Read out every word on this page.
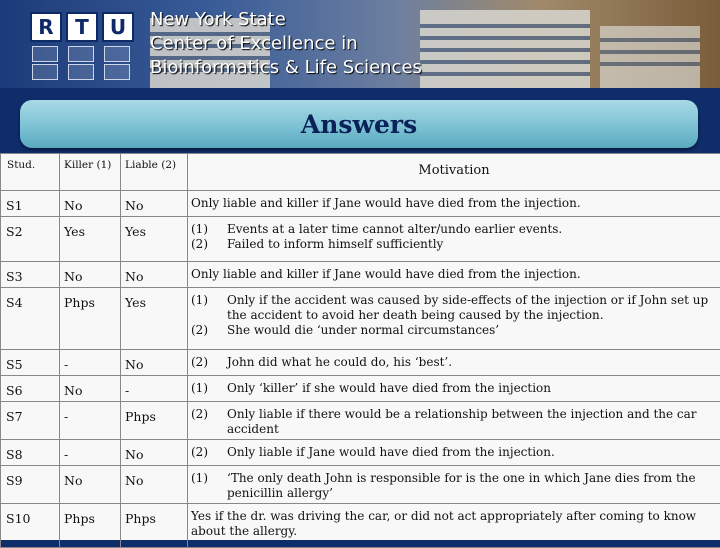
R	T	U	New York State
Center of Excellence in
Bioinformatics & Life Sciences
Answers
Stud.	Killer (1)	Liable (2)	Motivation
S1	No	No	Only liable and killer if Jane would have died from the injection.

S2	Yes	Yes	(1) Events at a later time cannot alter/undo earlier events.
(2) Failed to inform himself sufficiently

S3	No	No	Only liable and killer if Jane would have died from the injection.

S4	Phps	Yes	(1) Only if the accident was caused by side-effects of the injection or if John set up the accident to avoid her death being caused by the injection.
(2) She would die ‘under normal circumstances’

S5	-	No	(2) John did what he could do, his ‘best’.

S6	No	-	(1) Only ‘killer’ if she would have died from the injection

S7	-	Phps	(2) Only liable if there would be a relationship between the injection and the car accident

S8	-	No	(2) Only liable if Jane would have died from the injection.

S9	No	No	(1) ‘The only death John is responsible for is the one in which Jane dies from the penicillin allergy’

S10	Phps	Phps	Yes if the dr. was driving the car, or did not act appropriately after coming to know about the allergy.
